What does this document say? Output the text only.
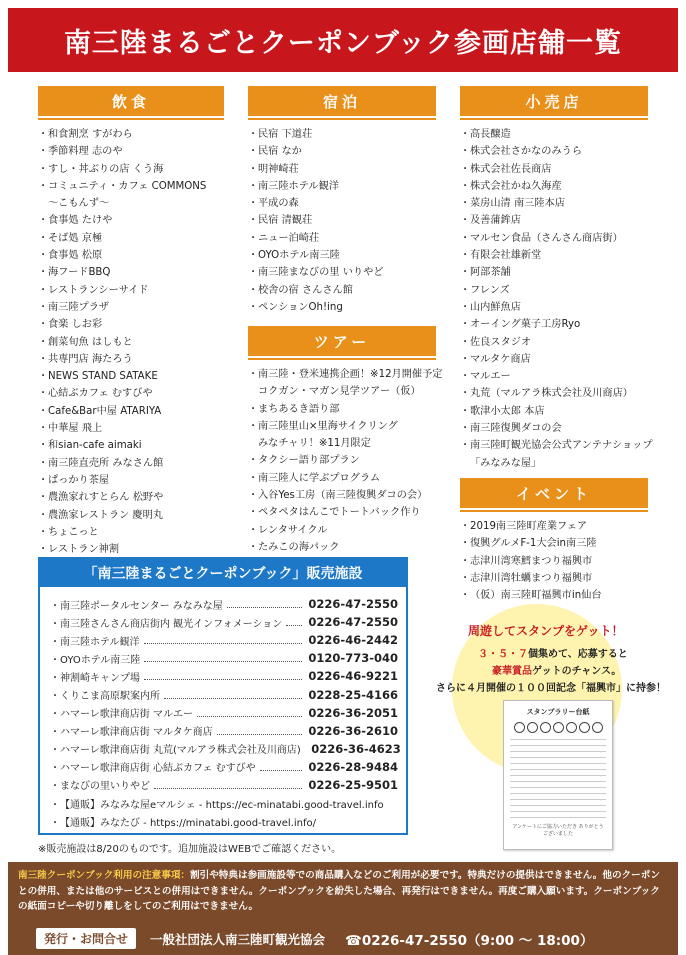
南三陸まるごとクーポンブック参画店舗一覧
飲食
・ 和食割烹 すがわら
・ 季節料理 志のや
・ すし・丼ぶりの店 くう海
・ コミュニティ・カフェ COMMONS
〜こもんず〜
・ 食事処 たけや
・ そば処 京極
・ 食事処 松原
・ 海フードBBQ
・ レストランシーサイド
・ 南三陸プラザ
・ 食楽 しお彩
・ 創菜旬魚 はしもと
・ 共専門店 海たろう
・ NEWS STAND SATAKE
・ 心結ぶカフェ むすびや
・ Cafe&Bar中屋 ATARIYA
・ 中華屋 飛上
・ 和sian-cafe aimaki
・ 南三陸直売所 みなさん館
・ ぱっかり茶屋
・ 農漁家れすとらん 松野や
・ 農漁家レストラン 慶明丸
・ ちょこっと
・ レストラン神割
宿泊
・ 民宿 下道荘
・ 民宿 なか
・ 明神崎荘
・ 南三陸ホテル観洋
・ 平成の森
・ 民宿 清観荘
・ ニュー泊崎荘
・ OYOホテル南三陸
・ 南三陸まなびの里 いりやど
・ 校舎の宿 さんさん館
・ ペンションOh!ing
ツアー
・ 南三陸・登米連携企画！※12月開催予定
コクガン・マガン見学ツアー（仮）
・ まちあるき語り部
・ 南三陸里山×里海サイクリング
みなチャリ！※11月限定
・ タクシー語り部プラン
・ 南三陸人に学ぶプログラム
・ 入谷Yes工房（南三陸復興ダコの会）
・ ペタペタはんこでトートバック作り
・ レンタサイクル
・ たみこの海パック
小売店
・ 高長醸造
・ 株式会社さかなのみうら
・ 株式会社佐長商店
・ 株式会社かね久海産
・ 菜房山清 南三陸本店
・ 及善蒲鉾店
・ マルセン食品（さんさん商店街）
・ 有限会社雄新堂
・ 阿部茶舗
・ フレンズ
・ 山内鮮魚店
・ オーイング菓子工房Ryo
・ 佐良スタジオ
・ マルタケ商店
・ マルエー
・ 丸荒（マルアラ株式会社及川商店）
・ 歌津小太郎 本店
・ 南三陸復興ダコの会
・ 南三陸町観光協会公式アンテナショップ
「みなみな屋」
イベント
・ 2019南三陸町産業フェア
・ 復興グルメF-1大会in南三陸
・ 志津川湾寒鱈まつり福興市
・ 志津川湾牡蠣まつり福興市
・ （仮）南三陸町福興市in仙台
「南三陸まるごとクーポンブック」販売施設
・ 南三陸ポータルセンター みなみな屋	0226-47-2550
・ 南三陸さんさん商店街内 観光インフォメーション 0226-47-2550
・ 南三陸ホテル観洋	0226-46-2442
・ OYOホテル南三陸	0120-773-040
・ 神割崎キャンプ場	0226-46-9221
・ くりこま高原駅案内所	0228-25-4166
・ ハマーレ歌津商店街 マルエー	0226-36-2051
・ ハマーレ歌津商店街 マルタケ商店	0226-36-2610
・ ハマーレ歌津商店街 丸荒(マルアラ株式会社及川商店) 0226-36-4623
・ ハマーレ歌津商店街 心結ぶカフェ むすびや	0226-28-9484
・ まなびの里いりやど	0226-25-9501
・ 【通販】みなみな屋eマルシェ - https://ec-minatabi.good-travel.info
・ 【通販】みなたび - https://minatabi.good-travel.info/
※販売施設は8/20のものです。追加施設はWEBでご確認ください。
周遊してスタンプをゲット！
３・５・７個集めて、応募すると
豪華賞品ゲットのチャンス。
さらに４月開催の１００回記念「福興市」に持参！
スタンプラリー台紙
アンケートにご協力いただき ありがとうございました
南三陸クーポンブック利用の注意事項：割引や特典は参画施設等での商品購入などのご利用が必要です。特典だけの提供はできません。他のクーポンとの併用、または他のサービスとの併用はできません。クーポンブックを紛失した場合、再発行はできません。再度ご購入願います。クーポンブックの紙面コピーや切り離しをしてのご利用はできません。
発行・お問合せ	一般社団法人南三陸町観光協会 ☎0226-47-2550（9:00 〜 18:00）
